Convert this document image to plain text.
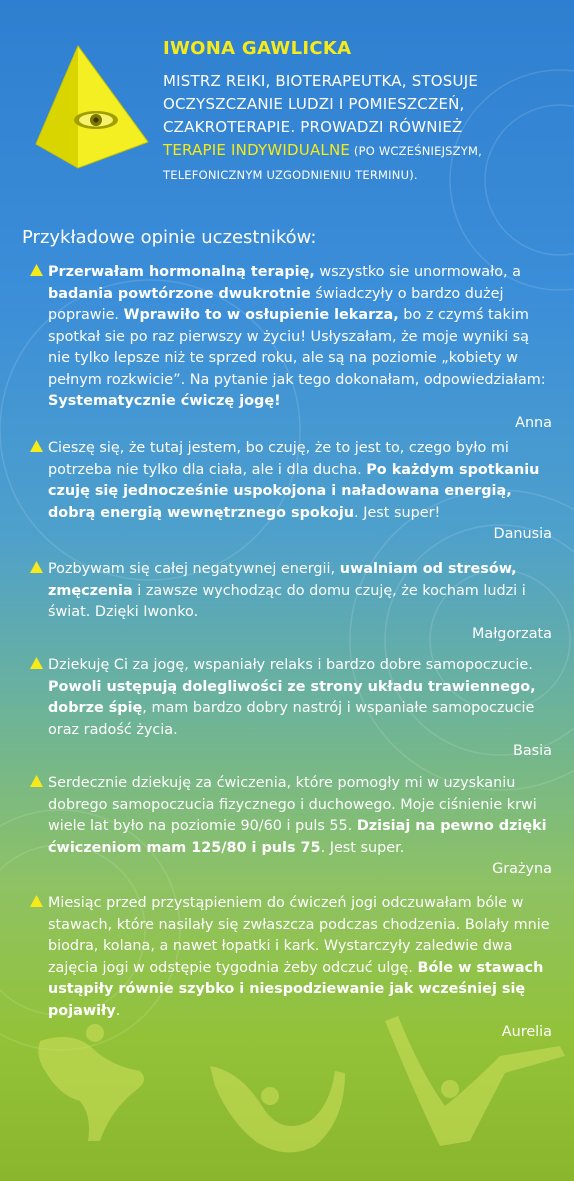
IWONA GAWLICKA

MISTRZ REIKI, BIOTERAPEUTKA, STOSUJE
OCZYSZCZANIE LUDZI I POMIESZCZEŃ,
CZAKROTERAPIE. PROWADZI RÓWNIEŻ
TERAPIE INDYWIDUALNE (PO WCZEŚNIEJSZYM,
TELEFONICZNYM UZGODNIENIU TERMINU).

Przykładowe opinie uczestników:

Przerwałam hormonalną terapię, wszystko sie unormowało, a badania powtórzone dwukrotnie świadczyły o bardzo dużej poprawie. Wprawiło to w osłupienie lekarza, bo z czymś takim spotkał sie po raz pierwszy w życiu! Usłyszałam, że moje wyniki są nie tylko lepsze niż te sprzed roku, ale są na poziomie „kobiety w pełnym rozkwicie”. Na pytanie jak tego dokonałam, odpowiedziałam: Systematycznie ćwiczę jogę!

Anna

Cieszę się, że tutaj jestem, bo czuję, że to jest to, czego było mi potrzeba nie tylko dla ciała, ale i dla ducha. Po każdym spotkaniu czuję się jednocześnie uspokojona i naładowana energią, dobrą energią wewnętrznego spokoju. Jest super!

Danusia

Pozbywam się całej negatywnej energii, uwalniam od stresów, zmęczenia i zawsze wychodząc do domu czuję, że kocham ludzi i świat. Dzięki Iwonko.

Małgorzata

Dziekuję Ci za jogę, wspaniały relaks i bardzo dobre samopoczucie. Powoli ustępują dolegliwości ze strony układu trawiennego, dobrze śpię, mam bardzo dobry nastrój i wspaniałe samopoczucie oraz radość życia.

Basia

Serdecznie dziekuję za ćwiczenia, które pomogły mi w uzyskaniu dobrego samopoczucia fizycznego i duchowego. Moje ciśnienie krwi wiele lat było na poziomie 90/60 i puls 55. Dzisiaj na pewno dzięki ćwiczeniom mam 125/80 i puls 75. Jest super.

Grażyna

Miesiąc przed przystąpieniem do ćwiczeń jogi odczuwałam bóle w stawach, które nasilały się zwłaszcza podczas chodzenia. Bolały mnie biodra, kolana, a nawet łopatki i kark. Wystarczyły zaledwie dwa zajęcia jogi w odstępie tygodnia żeby odczuć ulgę. Bóle w stawach ustąpiły równie szybko i niespodziewanie jak wcześniej się pojawiły.

Aurelia
